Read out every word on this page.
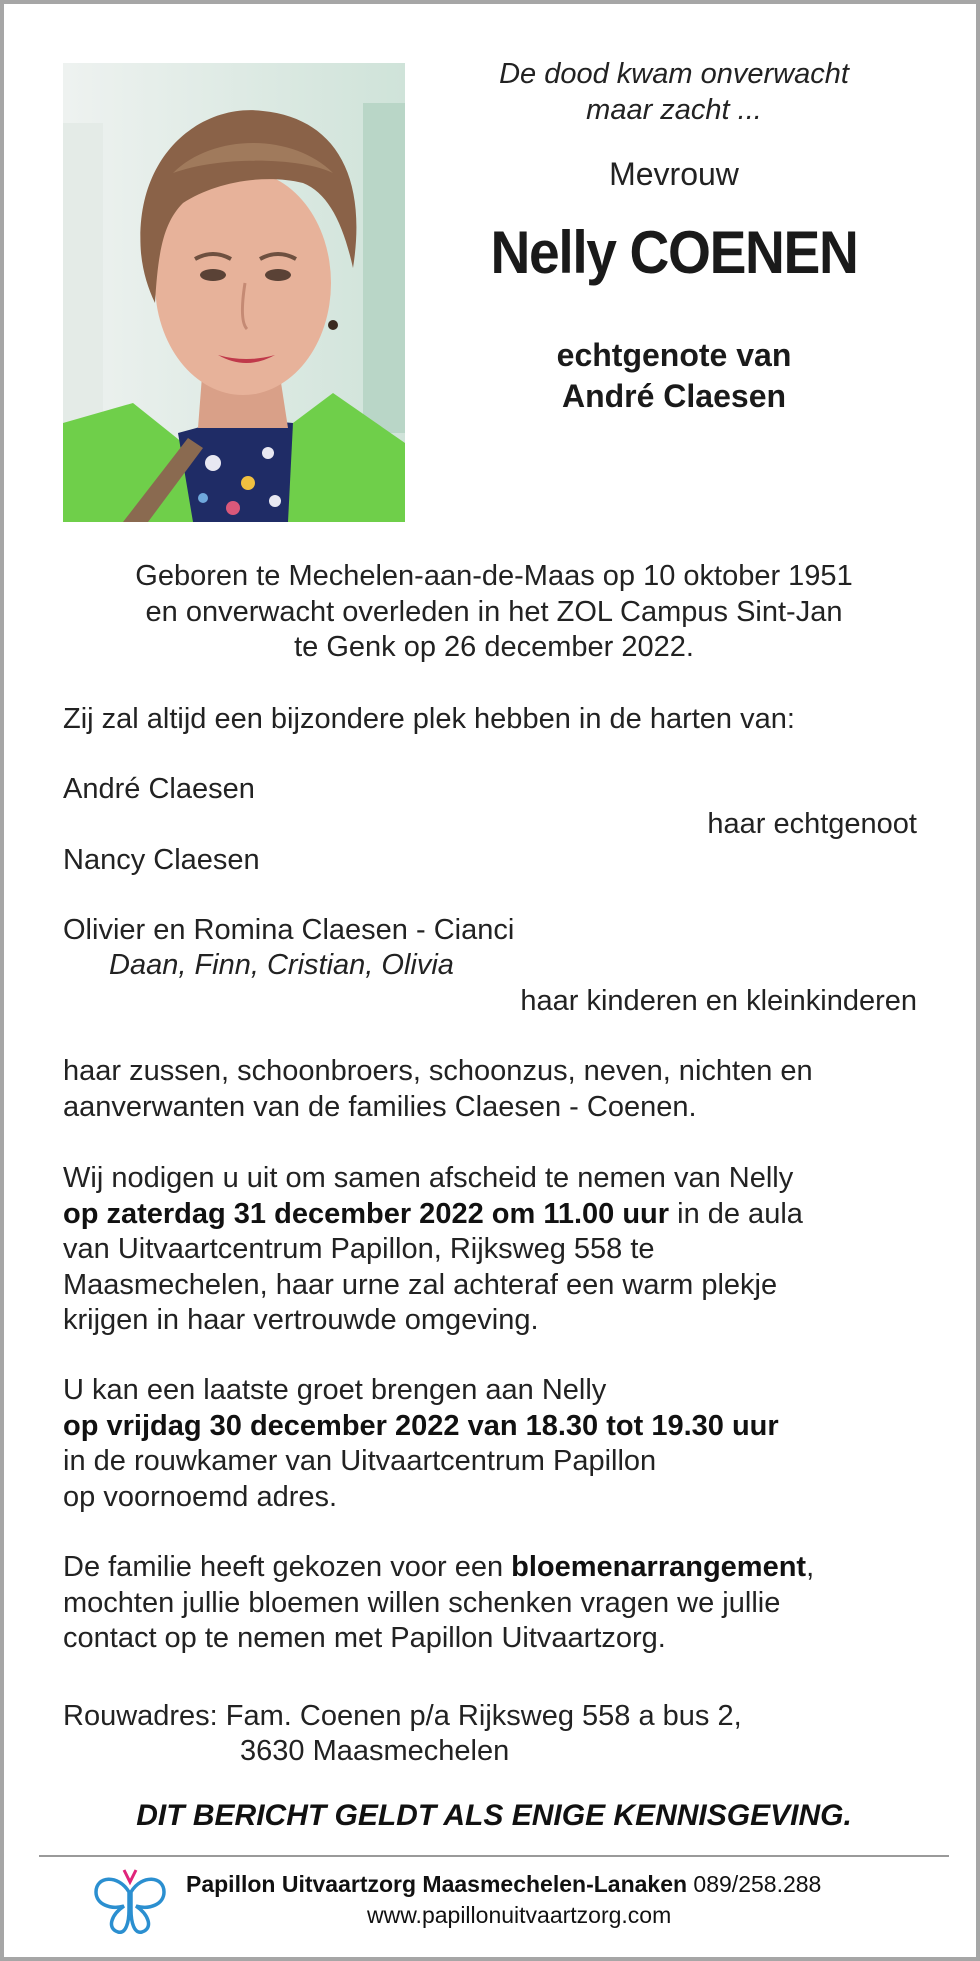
De dood kwam onverwacht
maar zacht ...
Mevrouw
Nelly COENEN
echtgenote van
André Claesen
Geboren te Mechelen-aan-de-Maas op 10 oktober 1951
en onverwacht overleden in het ZOL Campus Sint-Jan
te Genk op 26 december 2022.
Zij zal altijd een bijzondere plek hebben in de harten van:
André Claesen
haar echtgenoot
Nancy Claesen
Olivier en Romina Claesen - Cianci
Daan, Finn, Cristian, Olivia
haar kinderen en kleinkinderen
haar zussen, schoonbroers, schoonzus, neven, nichten en
aanverwanten van de families Claesen - Coenen.
Wij nodigen u uit om samen afscheid te nemen van Nelly
op zaterdag 31 december 2022 om 11.00 uur in de aula
van Uitvaartcentrum Papillon, Rijksweg 558 te
Maasmechelen, haar urne zal achteraf een warm plekje
krijgen in haar vertrouwde omgeving.
U kan een laatste groet brengen aan Nelly
op vrijdag 30 december 2022 van 18.30 tot 19.30 uur
in de rouwkamer van Uitvaartcentrum Papillon
op voornoemd adres.
De familie heeft gekozen voor een bloemenarrangement,
mochten jullie bloemen willen schenken vragen we jullie
contact op te nemen met Papillon Uitvaartzorg.
Rouwadres: Fam. Coenen p/a Rijksweg 558 a bus 2,
3630 Maasmechelen
DIT BERICHT GELDT ALS ENIGE KENNISGEVING.
Papillon Uitvaartzorg Maasmechelen-Lanaken 089/258.288
www.papillonuitvaartzorg.com
